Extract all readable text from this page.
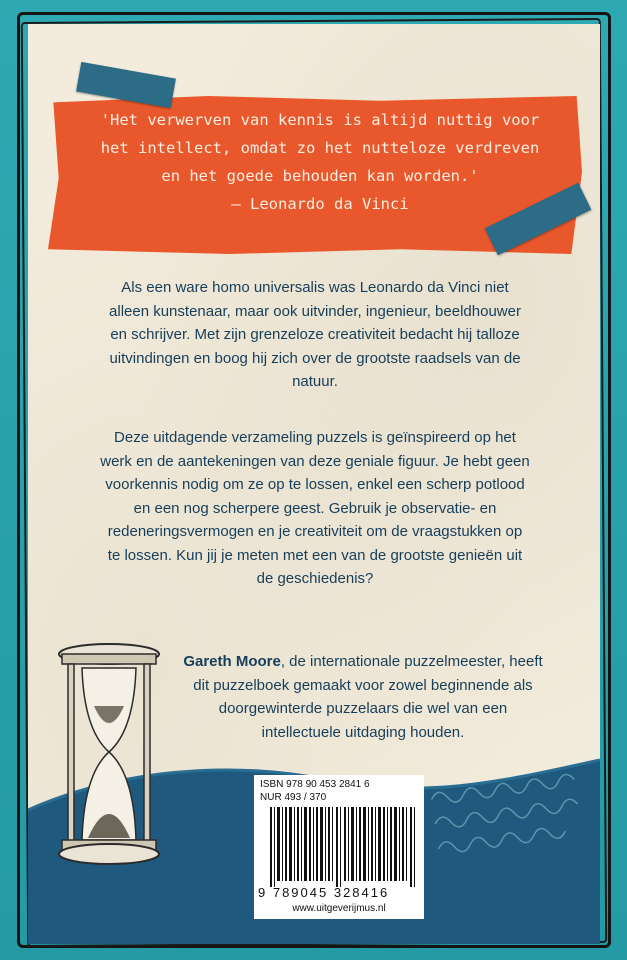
'Het verwerven van kennis is altijd nuttig voor
het intellect, omdat zo het nutteloze verdreven
en het goede behouden kan worden.'
– Leonardo da Vinci
Als een ware homo universalis was Leonardo da Vinci niet alleen kunstenaar, maar ook uitvinder, ingenieur, beeldhouwer en schrijver. Met zijn grenzeloze creativiteit bedacht hij talloze uitvindingen en boog hij zich over de grootste raadsels van de natuur.
Deze uitdagende verzameling puzzels is geïnspireerd op het werk en de aantekeningen van deze geniale figuur. Je hebt geen voorkennis nodig om ze op te lossen, enkel een scherp potlood en een nog scherpere geest. Gebruik je observatie- en redeneringsvermogen en je creativiteit om de vraagstukken op te lossen. Kun jij je meten met een van de grootste genieën uit de geschiedenis?
Gareth Moore, de internationale puzzelmeester, heeft dit puzzelboek gemaakt voor zowel beginnende als doorgewinterde puzzelaars die wel van een intellectuele uitdaging houden.
ISBN 978 90 453 2841 6
NUR 493 / 370
9 789045 328416
www.uitgeverijmus.nl
